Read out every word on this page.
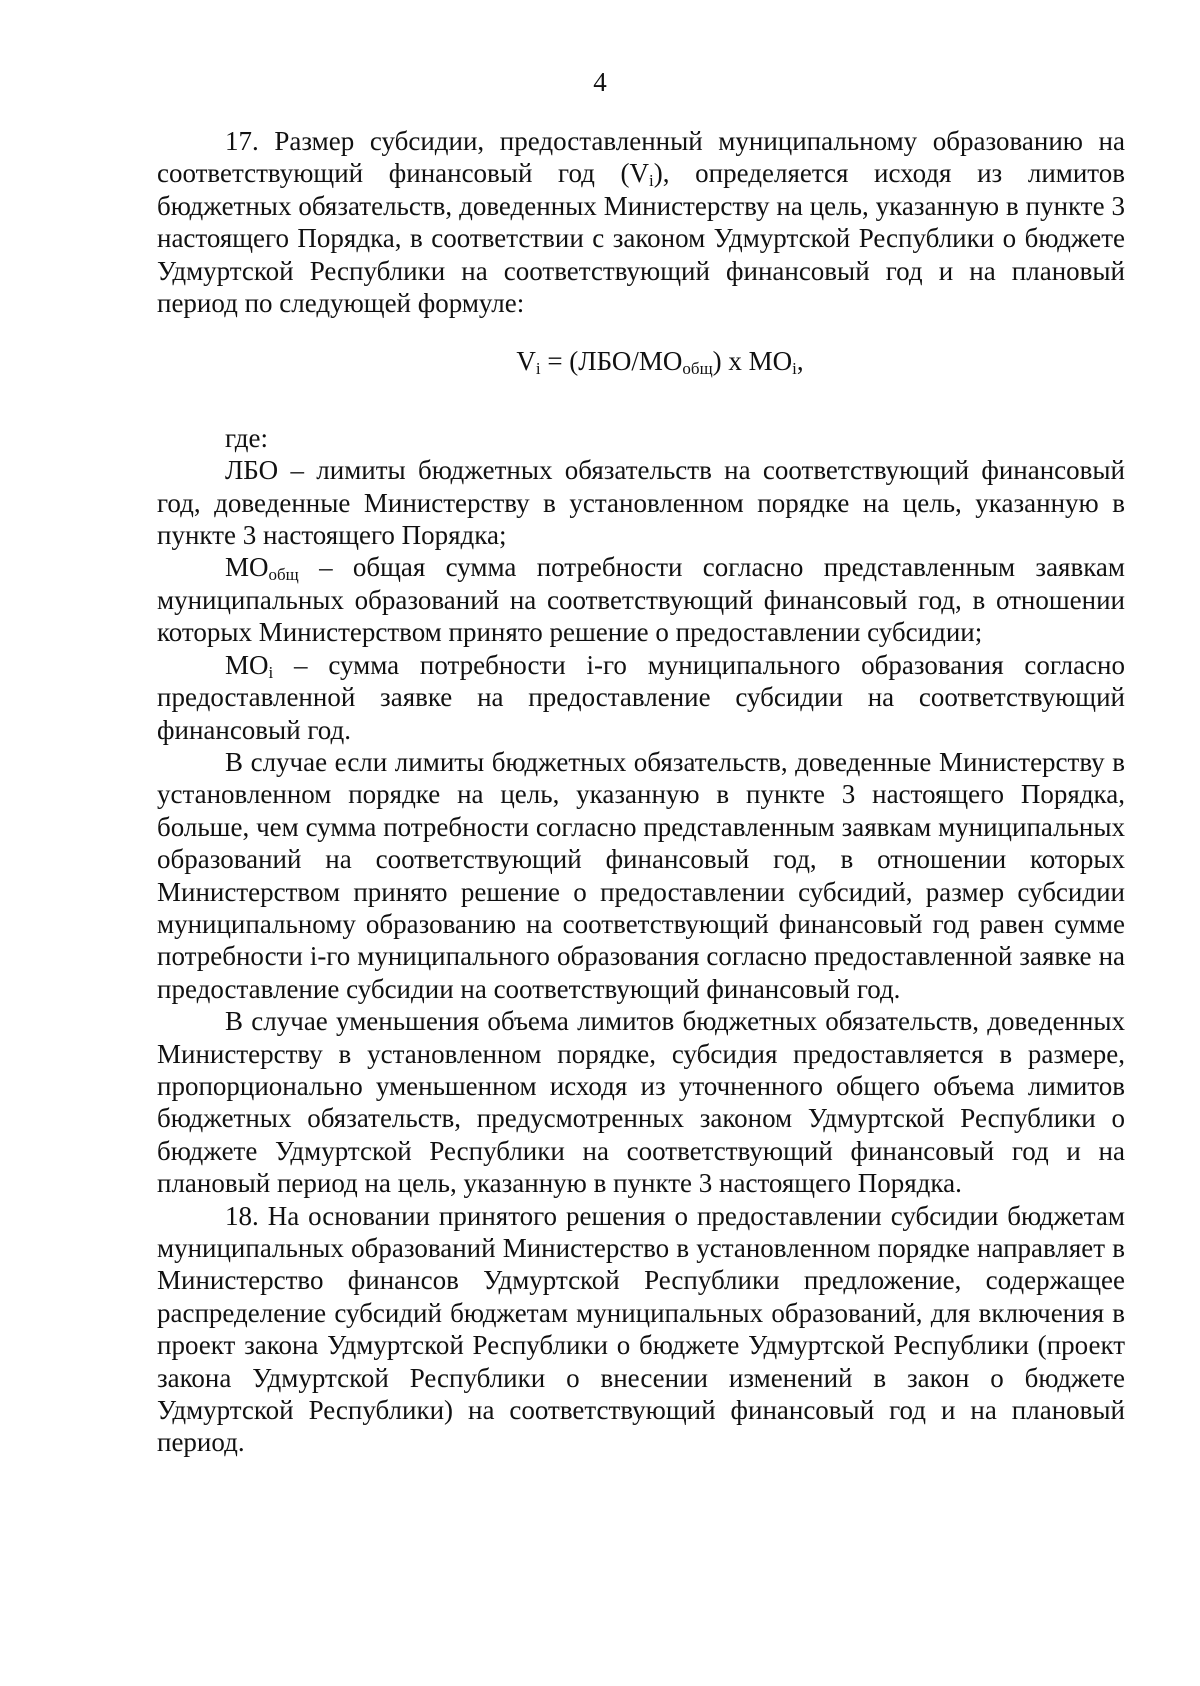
4

17. Размер субсидии, предоставленный муниципальному образованию на соответствующий финансовый год $(V_i)$, определяется исходя из лимитов бюджетных обязательств, доведенных Министерству на цель, указанную в пункте 3 настоящего Порядка, в соответствии с законом Удмуртской Республики о бюджете Удмуртской Республики на соответствующий финансовый год и на плановый период по следующей формуле:

$V_i = (ЛБО/МО_{общ})$ х $МО_i$,

где:

ЛБО – лимиты бюджетных обязательств на соответствующий финансовый год, доведенные Министерству в установленном порядке на цель, указанную в пункте 3 настоящего Порядка;

$МО_{общ}$ – общая сумма потребности согласно представленным заявкам муниципальных образований на соответствующий финансовый год, в отношении которых Министерством принято решение о предоставлении субсидии;

$МО_i$ – сумма потребности i-го муниципального образования согласно предоставленной заявке на предоставление субсидии на соответствующий финансовый год.

В случае если лимиты бюджетных обязательств, доведенные Министерству в установленном порядке на цель, указанную в пункте 3 настоящего Порядка, больше, чем сумма потребности согласно представленным заявкам муниципальных образований на соответствующий финансовый год, в отношении которых Министерством принято решение о предоставлении субсидий, размер субсидии муниципальному образованию на соответствующий финансовый год равен сумме потребности i-го муниципального образования согласно предоставленной заявке на предоставление субсидии на соответствующий финансовый год.

В случае уменьшения объема лимитов бюджетных обязательств, доведенных Министерству в установленном порядке, субсидия предоставляется в размере, пропорционально уменьшенном исходя из уточненного общего объема лимитов бюджетных обязательств, предусмотренных законом Удмуртской Республики о бюджете Удмуртской Республики на соответствующий финансовый год и на плановый период на цель, указанную в пункте 3 настоящего Порядка.

18. На основании принятого решения о предоставлении субсидии бюджетам муниципальных образований Министерство в установленном порядке направляет в Министерство финансов Удмуртской Республики предложение, содержащее распределение субсидий бюджетам муниципальных образований, для включения в проект закона Удмуртской Республики о бюджете Удмуртской Республики (проект закона Удмуртской Республики о внесении изменений в закон о бюджете Удмуртской Республики) на соответствующий финансовый год и на плановый период.
